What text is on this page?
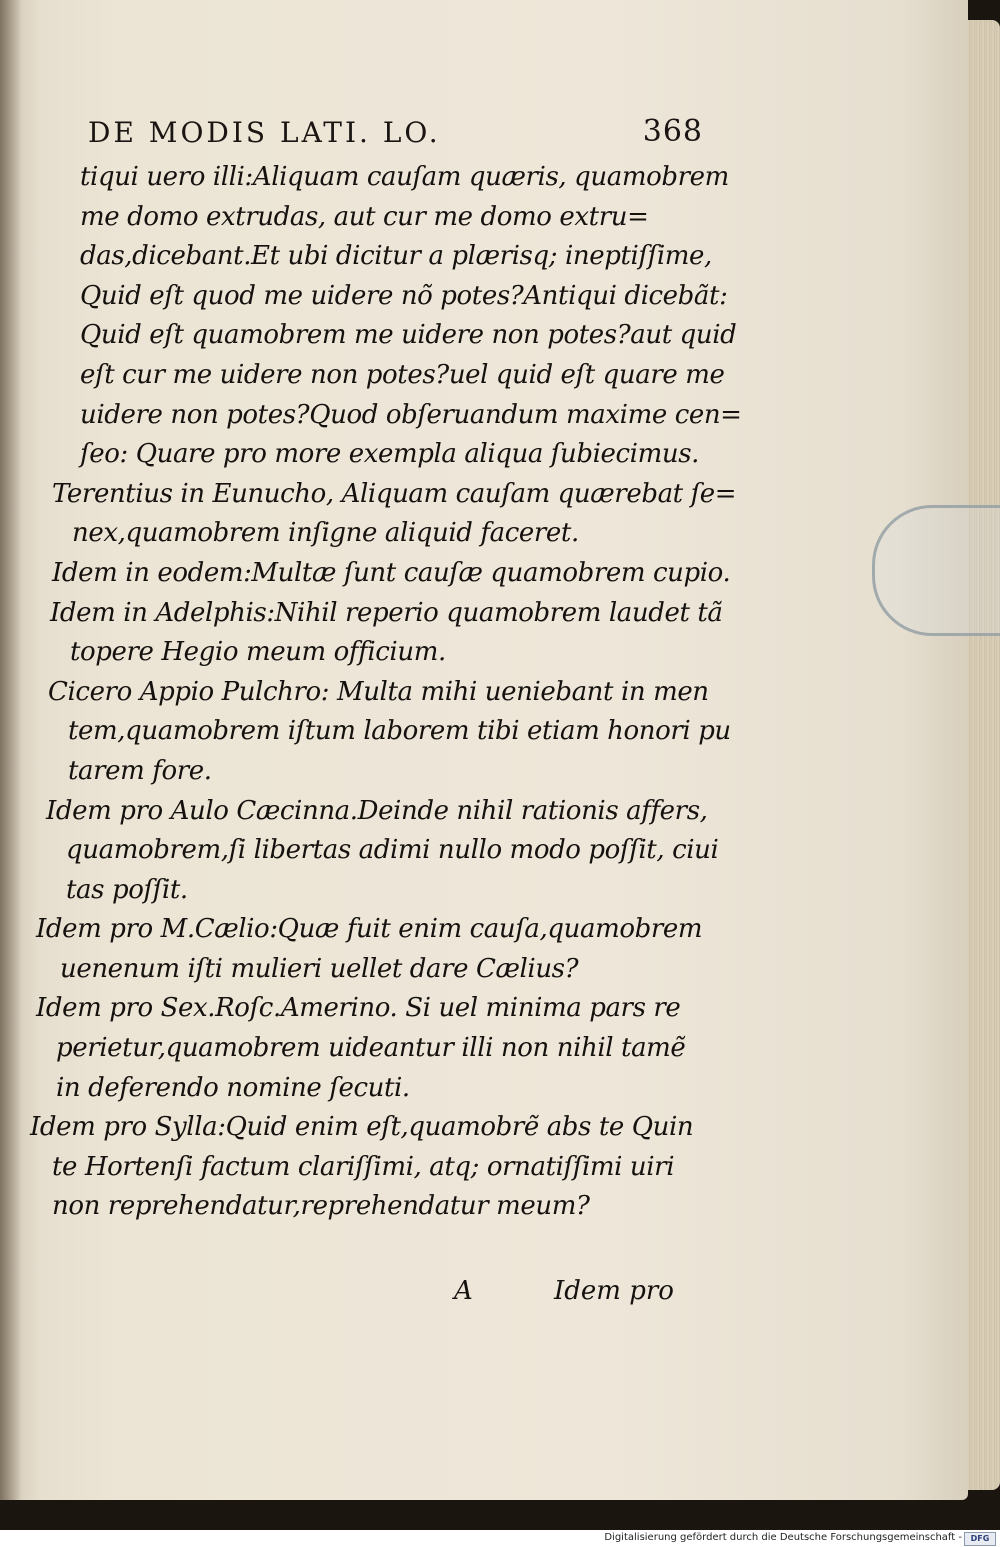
DE MODIS LATI. LO.	368
tiqui uero illi:Aliquam cauſam quæris, quamobrem
me domo extrudas, aut cur me domo extru=
das,dicebant.Et ubi dicitur a plærisq; ineptiſſime,
Quid eſt quod me uidere nõ potes?Antiqui dicebãt:
Quid eſt quamobrem me uidere non potes?aut quid
eſt cur me uidere non potes?uel quid eſt quare me
uidere non potes?Quod obſeruandum maxime cen=
ſeo: Quare pro more exempla aliqua ſubiecimus.
Terentius in Eunucho, Aliquam cauſam quærebat ſe=
nex,quamobrem inſigne aliquid faceret.
Idem in eodem:Multæ ſunt cauſæ quamobrem cupio.
Idem in Adelphis:Nihil reperio quamobrem laudet tã
topere Hegio meum officium.
Cicero Appio Pulchro: Multa mihi ueniebant in men
tem,quamobrem iſtum laborem tibi etiam honori pu
tarem fore.
Idem pro Aulo Cæcinna.Deinde nihil rationis affers,
quamobrem,ſi libertas adimi nullo modo poſſit, ciui
tas poſſit.
Idem pro M.Cælio:Quæ fuit enim cauſa,quamobrem
uenenum iſti mulieri uellet dare Cælius?
Idem pro Sex.Roſc.Amerino. Si uel minima pars re
perietur,quamobrem uideantur illi non nihil tamẽ
in deferendo nomine ſecuti.
Idem pro Sylla:Quid enim eſt,quamobrẽ abs te Quin
te Hortenſi factum clariſſimi, atq; ornatiſſimi uiri
non reprehendatur,reprehendatur meum?
A	Idem pro
Digitalisierung gefördert durch die Deutsche Forschungsgemeinschaft -	DFG
